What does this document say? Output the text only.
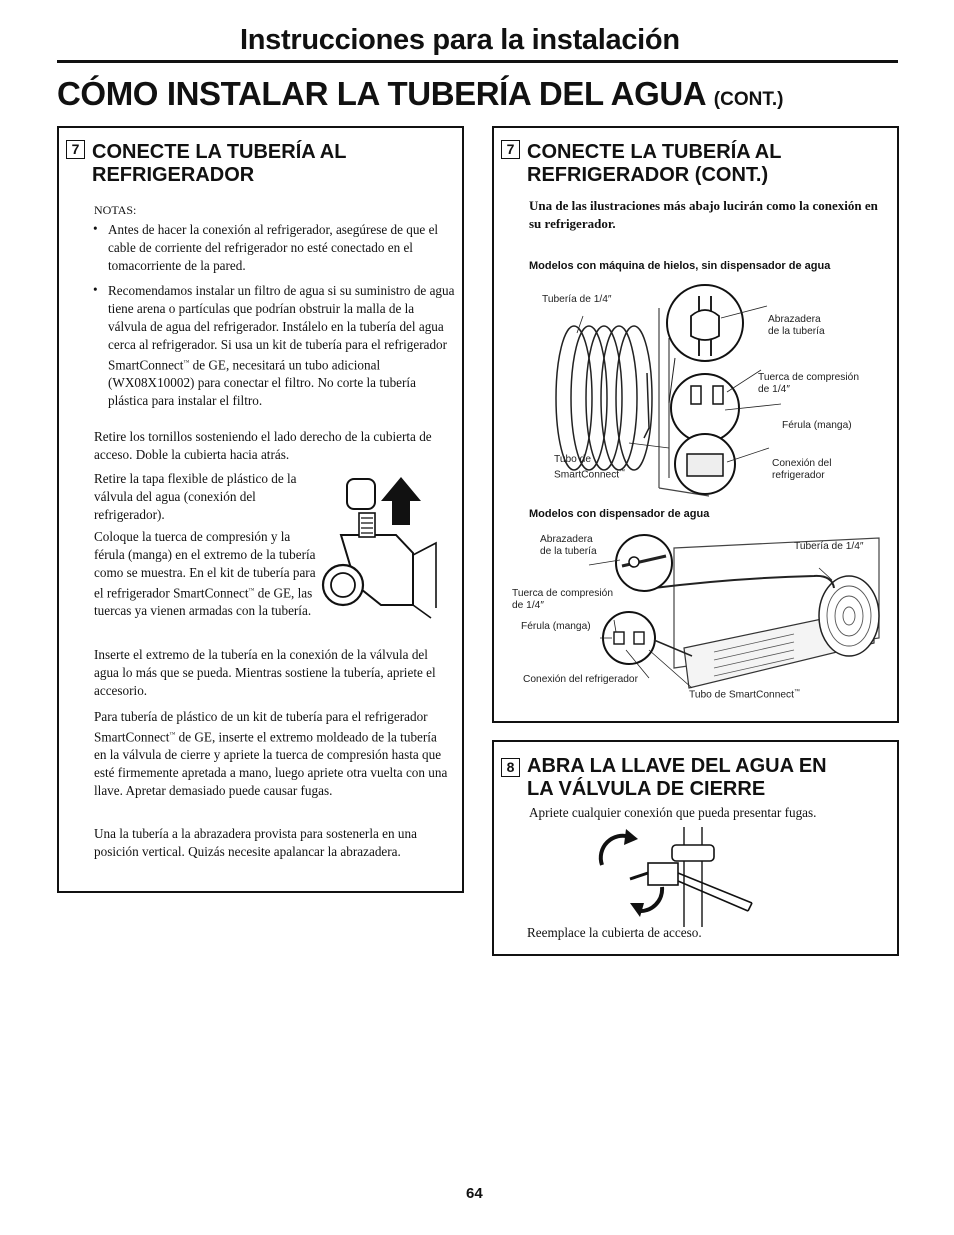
Instrucciones para la instalación
CÓMO INSTALAR LA TUBERÍA DEL AGUA (CONT.)
7 CONECTE LA TUBERÍA AL
REFRIGERADOR
NOTAS:
• Antes de hacer la conexión al refrigerador, asegúrese de que el cable de corriente del refrigerador no esté conectado en el tomacorriente de la pared.
• Recomendamos instalar un filtro de agua si su suministro de agua tiene arena o partículas que podrían obstruir la malla de la válvula de agua del refrigerador. Instálelo en la tubería del agua cerca al refrigerador. Si usa un kit de tubería para el refrigerador SmartConnect™ de GE, necesitará un tubo adicional (WX08X10002) para conectar el filtro. No corte la tubería plástica para instalar el filtro.
Retire los tornillos sosteniendo el lado derecho de la cubierta de acceso. Doble la cubierta hacia atrás.
Retire la tapa flexible de plástico de la válvula del agua (conexión del refrigerador).
Coloque la tuerca de compresión y la férula (manga) en el extremo de la tubería como se muestra. En el kit de tubería para el refrigerador SmartConnect™ de GE, las tuercas ya vienen armadas con la tubería.
Inserte el extremo de la tubería en la conexión de la válvula del agua lo más que se pueda. Mientras sostiene la tubería, apriete el accesorio.
Para tubería de plástico de un kit de tubería para el refrigerador SmartConnect™ de GE, inserte el extremo moldeado de la tubería en la válvula de cierre y apriete la tuerca de compresión hasta que esté firmemente apretada a mano, luego apriete otra vuelta con una llave. Apretar demasiado puede causar fugas.
Una la tubería a la abrazadera provista para sostenerla en una posición vertical. Quizás necesite apalancar la abrazadera.
7 CONECTE LA TUBERÍA AL
REFRIGERADOR (CONT.)
Una de las ilustraciones más abajo lucirán como la conexión en su refrigerador.
Modelos con máquina de hielos, sin dispensador de agua
Tubería de 1/4″
Abrazadera
de la tubería
Tuerca de compresión
de 1/4″
Férula (manga)
Tubo de
SmartConnect™
Conexión del
refrigerador
Modelos con dispensador de agua
Abrazadera
de la tubería	Tubería de 1/4″
Tuerca de compresión
de 1/4″
Férula (manga)
Conexión del refrigerador
Tubo de SmartConnect™
8 ABRA LA LLAVE DEL AGUA EN
LA VÁLVULA DE CIERRE
Apriete cualquier conexión que pueda presentar fugas.
Reemplace la cubierta de acceso.
64
